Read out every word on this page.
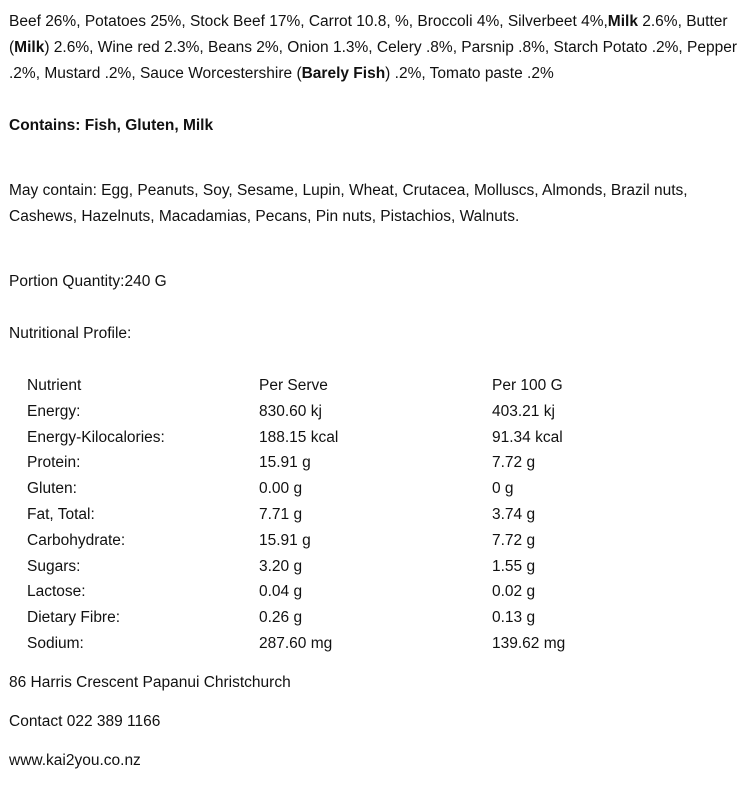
Beef 26%, Potatoes 25%, Stock Beef 17%, Carrot 10.8, %, Broccoli 4%, Silverbeet 4%,Milk 2.6%, Butter (Milk) 2.6%, Wine red 2.3%, Beans 2%, Onion 1.3%, Celery .8%, Parsnip .8%, Starch Potato .2%, Pepper .2%, Mustard .2%, Sauce Worcestershire (Barely Fish) .2%, Tomato paste .2%
Contains: Fish, Gluten, Milk
May contain: Egg, Peanuts, Soy, Sesame, Lupin, Wheat, Crutacea, Molluscs, Almonds, Brazil nuts, Cashews, Hazelnuts, Macadamias, Pecans, Pin nuts, Pistachios, Walnuts.
Portion Quantity:240 G
Nutritional Profile:
Nutrient	Per Serve	Per 100 G
Energy:	830.60 kj	403.21 kj
Energy-Kilocalories:	188.15 kcal	91.34 kcal
Protein:	15.91 g	7.72 g
Gluten:	0.00 g	0 g
Fat, Total:	7.71 g	3.74 g
Carbohydrate:	15.91 g	7.72 g
Sugars:	3.20 g	1.55 g
Lactose:	0.04 g	0.02 g
Dietary Fibre:	0.26 g	0.13 g
Sodium:	287.60 mg	139.62 mg
86 Harris Crescent Papanui Christchurch
Contact 022 389 1166
www.kai2you.co.nz
